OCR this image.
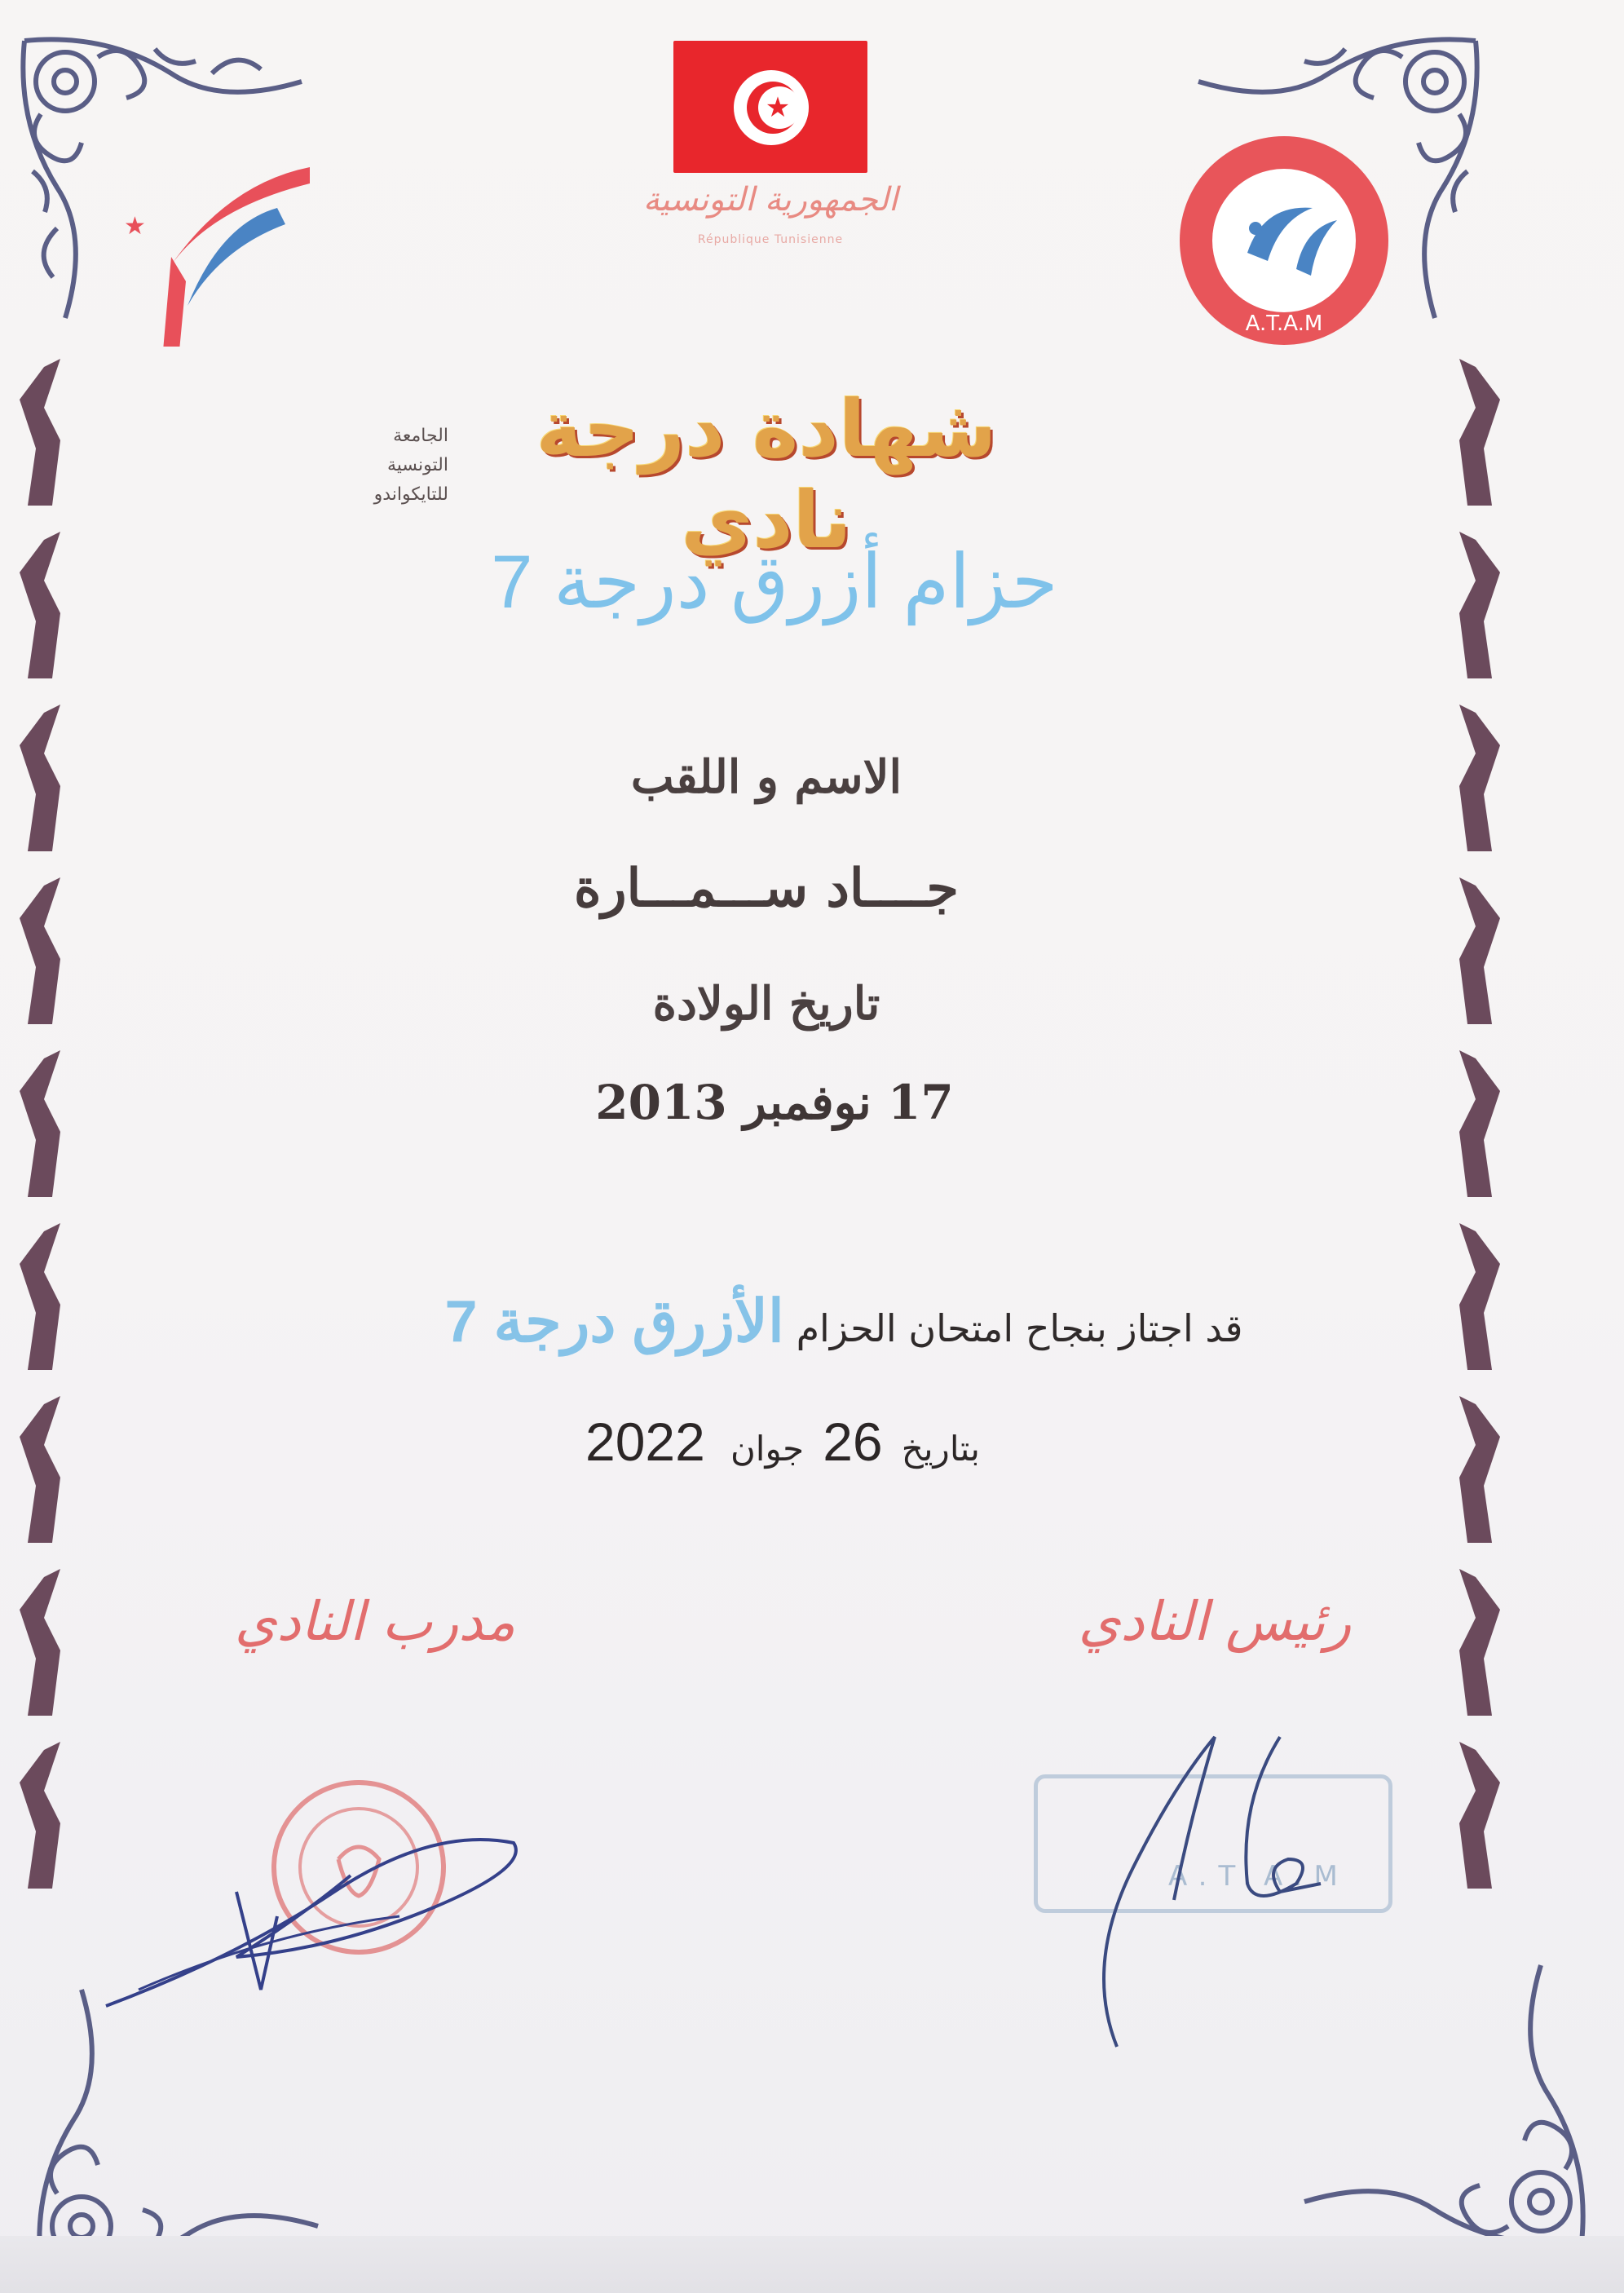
★
الجمهورية التونسية
République Tunisienne
★
الجامعة
التونسية
للتايكواندو
A.T.A.M
شهادة درجة نادي
حزام أزرق درجة 7
الاسم و اللقب
جــــاد ســـمـــارة
تاريخ الولادة
17 نوفمبر 2013
قد اجتاز بنجاح امتحان الحزام الأزرق درجة 7
بتاريخ 26 جوان 2022
مدرب النادي	رئيس النادي
A.T.A.M
